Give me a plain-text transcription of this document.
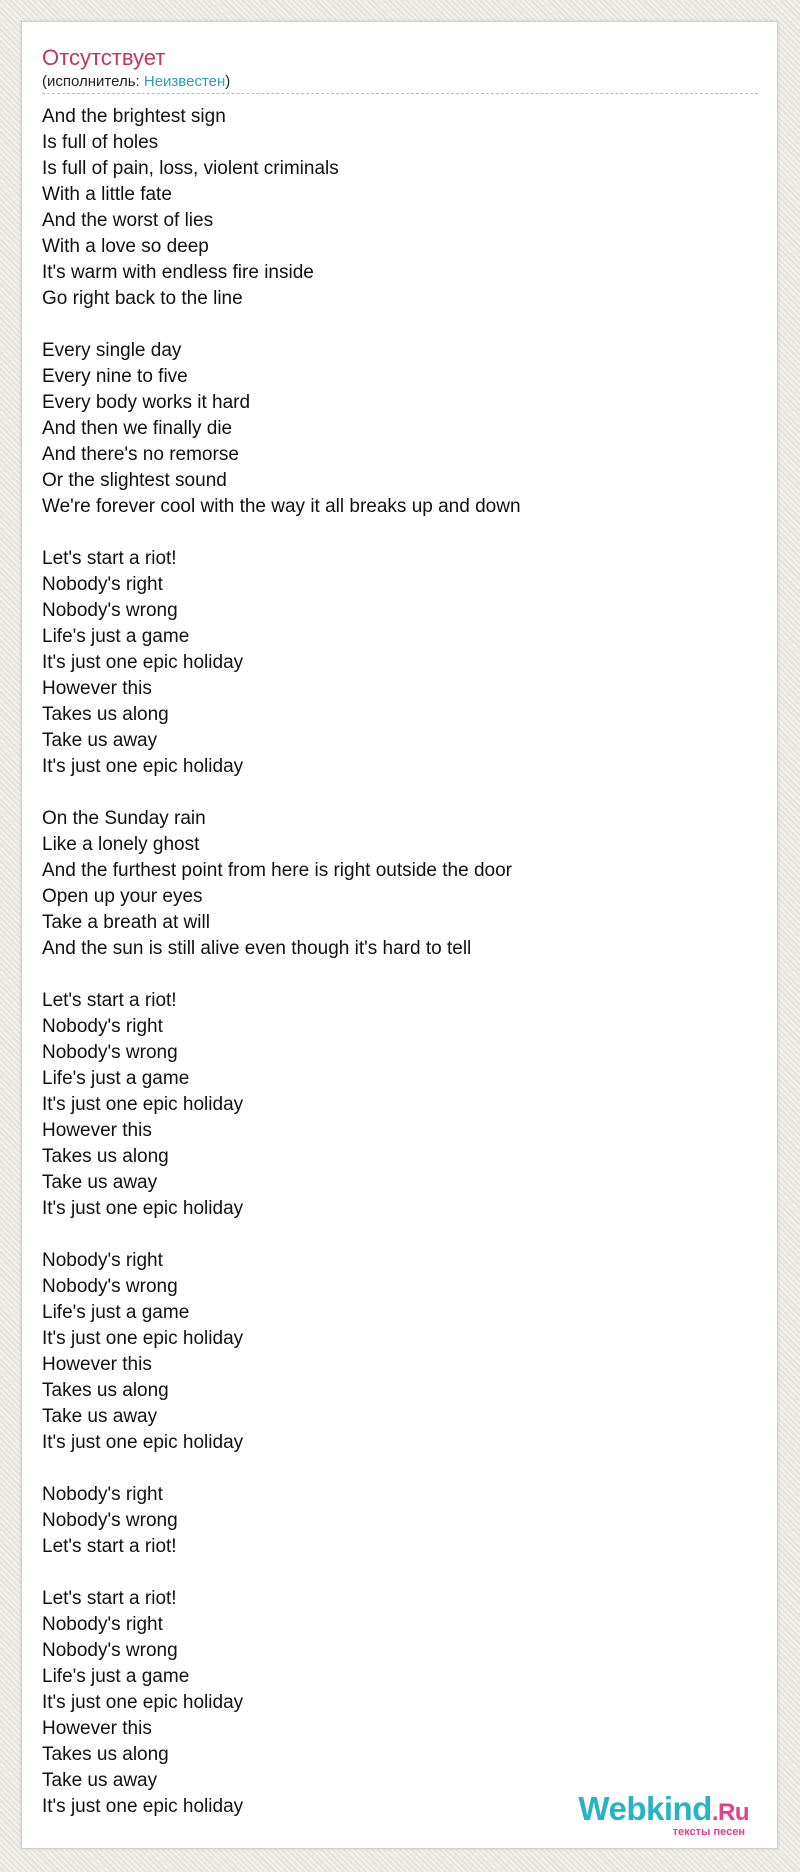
Отсутствует
(исполнитель: Неизвестен)
And the brightest sign
Is full of holes
Is full of pain, loss, violent criminals
With a little fate
And the worst of lies
With a love so deep
It's warm with endless fire inside
Go right back to the line
Every single day
Every nine to five
Every body works it hard
And then we finally die
And there's no remorse
Or the slightest sound
We're forever cool with the way it all breaks up and down
Let's start a riot!
Nobody's right
Nobody's wrong
Life's just a game
It's just one epic holiday
However this
Takes us along
Take us away
It's just one epic holiday
On the Sunday rain
Like a lonely ghost
And the furthest point from here is right outside the door
Open up your eyes
Take a breath at will
And the sun is still alive even though it's hard to tell
Let's start a riot!
Nobody's right
Nobody's wrong
Life's just a game
It's just one epic holiday
However this
Takes us along
Take us away
It's just one epic holiday
Nobody's right
Nobody's wrong
Life's just a game
It's just one epic holiday
However this
Takes us along
Take us away
It's just one epic holiday
Nobody's right
Nobody's wrong
Let's start a riot!
Let's start a riot!
Nobody's right
Nobody's wrong
Life's just a game
It's just one epic holiday
However this
Takes us along
Take us away
It's just one epic holiday	Webkind.Ru
тексты песен
